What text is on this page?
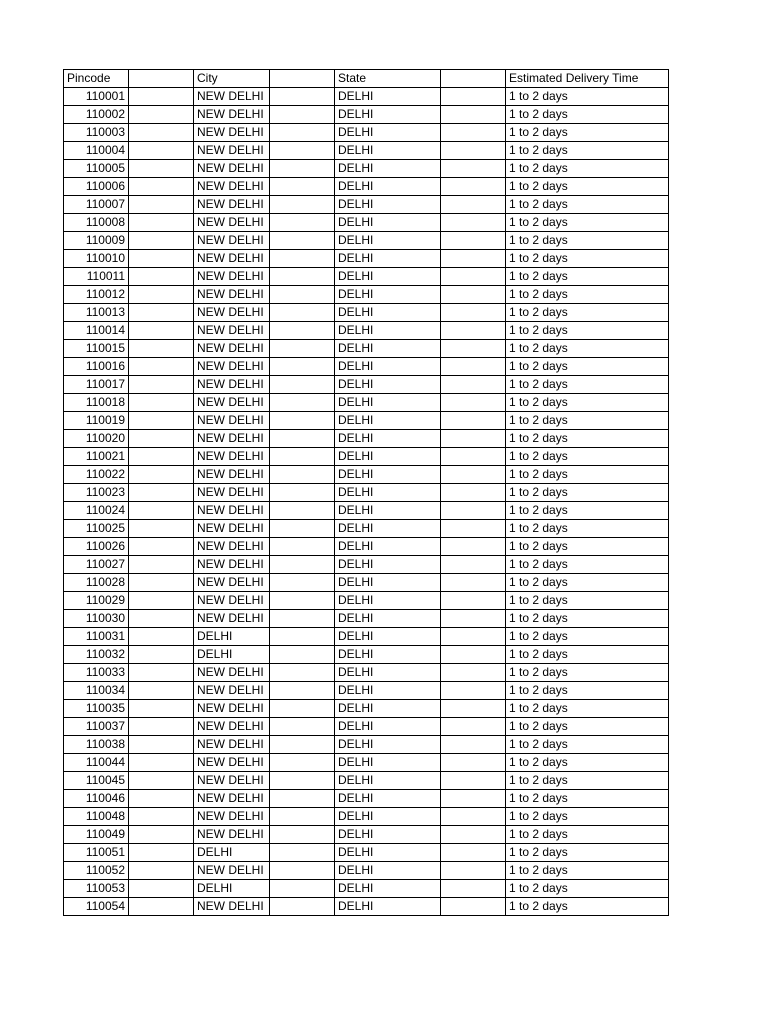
Pincode		City		State		Estimated Delivery Time
110001		NEW DELHI		DELHI		1 to 2 days
110002		NEW DELHI		DELHI		1 to 2 days
110003		NEW DELHI		DELHI		1 to 2 days
110004		NEW DELHI		DELHI		1 to 2 days
110005		NEW DELHI		DELHI		1 to 2 days
110006		NEW DELHI		DELHI		1 to 2 days
110007		NEW DELHI		DELHI		1 to 2 days
110008		NEW DELHI		DELHI		1 to 2 days
110009		NEW DELHI		DELHI		1 to 2 days
110010		NEW DELHI		DELHI		1 to 2 days
110011		NEW DELHI		DELHI		1 to 2 days
110012		NEW DELHI		DELHI		1 to 2 days
110013		NEW DELHI		DELHI		1 to 2 days
110014		NEW DELHI		DELHI		1 to 2 days
110015		NEW DELHI		DELHI		1 to 2 days
110016		NEW DELHI		DELHI		1 to 2 days
110017		NEW DELHI		DELHI		1 to 2 days
110018		NEW DELHI		DELHI		1 to 2 days
110019		NEW DELHI		DELHI		1 to 2 days
110020		NEW DELHI		DELHI		1 to 2 days
110021		NEW DELHI		DELHI		1 to 2 days
110022		NEW DELHI		DELHI		1 to 2 days
110023		NEW DELHI		DELHI		1 to 2 days
110024		NEW DELHI		DELHI		1 to 2 days
110025		NEW DELHI		DELHI		1 to 2 days
110026		NEW DELHI		DELHI		1 to 2 days
110027		NEW DELHI		DELHI		1 to 2 days
110028		NEW DELHI		DELHI		1 to 2 days
110029		NEW DELHI		DELHI		1 to 2 days
110030		NEW DELHI		DELHI		1 to 2 days
110031		DELHI		DELHI		1 to 2 days
110032		DELHI		DELHI		1 to 2 days
110033		NEW DELHI		DELHI		1 to 2 days
110034		NEW DELHI		DELHI		1 to 2 days
110035		NEW DELHI		DELHI		1 to 2 days
110037		NEW DELHI		DELHI		1 to 2 days
110038		NEW DELHI		DELHI		1 to 2 days
110044		NEW DELHI		DELHI		1 to 2 days
110045		NEW DELHI		DELHI		1 to 2 days
110046		NEW DELHI		DELHI		1 to 2 days
110048		NEW DELHI		DELHI		1 to 2 days
110049		NEW DELHI		DELHI		1 to 2 days
110051		DELHI		DELHI		1 to 2 days
110052		NEW DELHI		DELHI		1 to 2 days
110053		DELHI		DELHI		1 to 2 days
110054		NEW DELHI		DELHI		1 to 2 days
